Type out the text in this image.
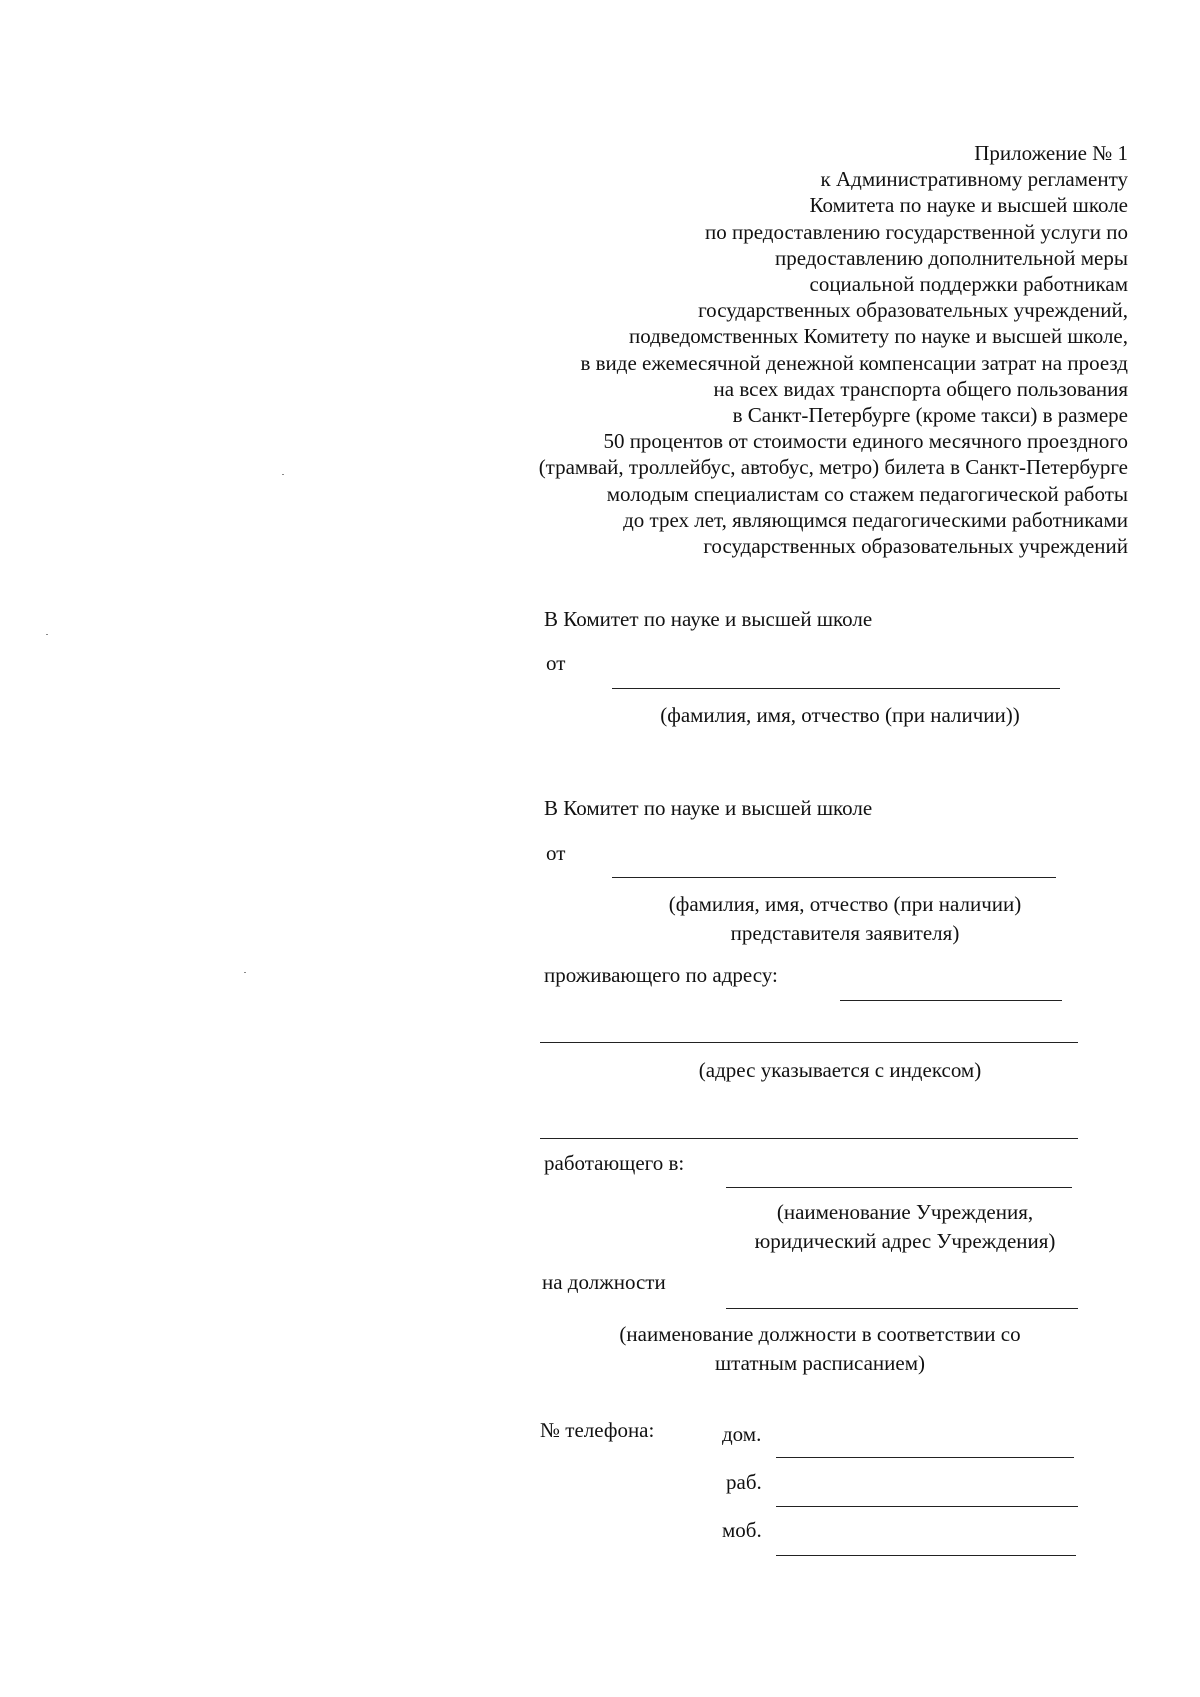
Приложение № 1
к Административному регламенту
Комитета по науке и высшей школе
по предоставлению государственной услуги по
предоставлению дополнительной меры
социальной поддержки работникам
государственных образовательных учреждений,
подведомственных Комитету по науке и высшей школе,
в виде ежемесячной денежной компенсации затрат на проезд
на всех видах транспорта общего пользования
в Санкт-Петербурге (кроме такси) в размере
50 процентов от стоимости единого месячного проездного
(трамвай, троллейбус, автобус, метро) билета в Санкт-Петербурге
молодым специалистам со стажем педагогической работы
до трех лет, являющимся педагогическими работниками
государственных образовательных учреждений
В Комитет по науке и высшей школе
от
(фамилия, имя, отчество (при наличии))
В Комитет по науке и высшей школе
от
(фамилия, имя, отчество (при наличии)
представителя заявителя)
проживающего по адресу:
(адрес указывается с индексом)
работающего в:
(наименование Учреждения,
юридический адрес Учреждения)
на должности
(наименование должности в соответствии со
штатным расписанием)
№ телефона:	дом.
раб.
моб.
